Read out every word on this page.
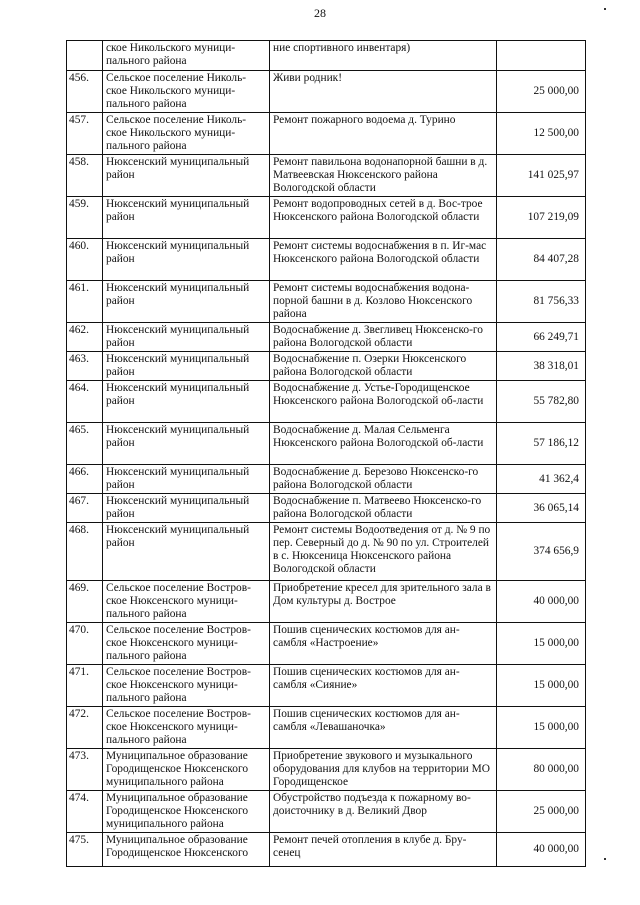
28
	ское Никольского муници-пального района	ние спортивного инвентаря)	
456.	Сельское поселение Николь-ское Никольского муници-пального района	Живи родник!	25 000,00
457.	Сельское поселение Николь-ское Никольского муници-пального района	Ремонт пожарного водоема д. Турино	12 500,00
458.	Нюксенский муниципальный район	Ремонт павильона водонапорной башни в д. Матвеевская Нюксенского района Вологодской области	141 025,97
459.	Нюксенский муниципальный район	Ремонт водопроводных сетей в д. Вос-трое Нюксенского района Вологодской области	107 219,09
460.	Нюксенский муниципальный район	Ремонт системы водоснабжения в п. Иг-мас Нюксенского района Вологодской области	84 407,28
461.	Нюксенский муниципальный район	Ремонт системы водоснабжения водона-порной башни в д. Козлово Нюксенского района	81 756,33
462.	Нюксенский муниципальный район	Водоснабжение д. Звегливец Нюксенско-го района Вологодской области	66 249,71
463.	Нюксенский муниципальный район	Водоснабжение п. Озерки Нюксенского района Вологодской области	38 318,01
464.	Нюксенский муниципальный район	Водоснабжение д. Устье-Городищенское Нюксенского района Вологодской об-ласти	55 782,80
465.	Нюксенский муниципальный район	Водоснабжение д. Малая Сельменга Нюксенского района Вологодской об-ласти	57 186,12
466.	Нюксенский муниципальный район	Водоснабжение д. Березово Нюксенско-го района Вологодской области	41 362,4
467.	Нюксенский муниципальный район	Водоснабжение п. Матвеево Нюксенско-го района Вологодской области	36 065,14
468.	Нюксенский муниципальный район	Ремонт системы Водоотведения от д. № 9 по пер. Северный до д. № 90 по ул. Строителей в с. Нюксеница Нюксенского района Вологодской области	374 656,9
469.	Сельское поселение Востров-ское Нюксенского муници-пального района	Приобретение кресел для зрительного зала в Дом культуры д. Вострое	40 000,00
470.	Сельское поселение Востров-ское Нюксенского муници-пального района	Пошив сценических костюмов для ан-самбля «Настроение»	15 000,00
471.	Сельское поселение Востров-ское Нюксенского муници-пального района	Пошив сценических костюмов для ан-самбля «Сияние»	15 000,00
472.	Сельское поселение Востров-ское Нюксенского муници-пального района	Пошив сценических костюмов для ан-самбля «Левашаночка»	15 000,00
473.	Муниципальное образование Городищенское Нюксенского муниципального района	Приобретение звукового и музыкального оборудования для клубов на территории МО Городищенское	80 000,00
474.	Муниципальное образование Городищенское Нюксенского муниципального района	Обустройство подъезда к пожарному во-доисточнику в д. Великий Двор	25 000,00
475.	Муниципальное образование Городищенское Нюксенского	Ремонт печей отопления в клубе д. Бру-сенец	40 000,00
